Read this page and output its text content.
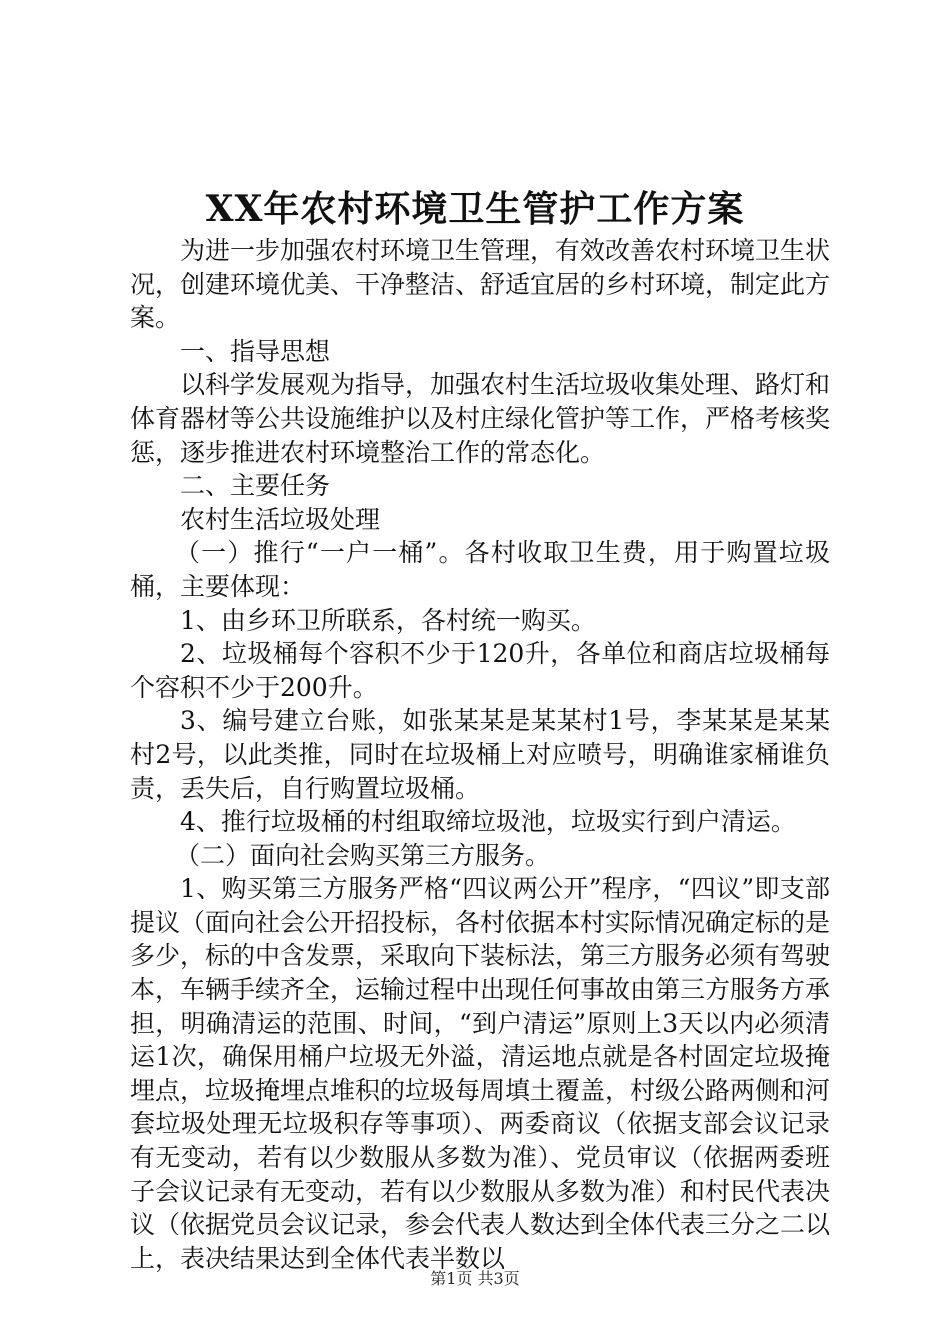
XX年农村环境卫生管护工作方案

为进一步加强农村环境卫生管理，有效改善农村环境卫生状况，创建环境优美、干净整洁、舒适宜居的乡村环境，制定此方案。

一、指导思想

以科学发展观为指导，加强农村生活垃圾收集处理、路灯和体育器材等公共设施维护以及村庄绿化管护等工作，严格考核奖惩，逐步推进农村环境整治工作的常态化。

二、主要任务

农村生活垃圾处理

（一）推行“一户一桶”。各村收取卫生费，用于购置垃圾桶，主要体现：

1、由乡环卫所联系，各村统一购买。

2、垃圾桶每个容积不少于120升，各单位和商店垃圾桶每个容积不少于200升。

3、编号建立台账，如张某某是某某村1号，李某某是某某村2号，以此类推，同时在垃圾桶上对应喷号，明确谁家桶谁负责，丢失后，自行购置垃圾桶。

4、推行垃圾桶的村组取缔垃圾池，垃圾实行到户清运。

（二）面向社会购买第三方服务。

1、购买第三方服务严格“四议两公开”程序，“四议”即支部提议（面向社会公开招投标，各村依据本村实际情况确定标的是多少，标的中含发票，采取向下装标法，第三方服务必须有驾驶本，车辆手续齐全，运输过程中出现任何事故由第三方服务方承担，明确清运的范围、时间，“到户清运”原则上3天以内必须清运1次，确保用桶户垃圾无外溢，清运地点就是各村固定垃圾掩埋点，垃圾掩埋点堆积的垃圾每周填土覆盖，村级公路两侧和河套垃圾处理无垃圾积存等事项）、两委商议（依据支部会议记录有无变动，若有以少数服从多数为准）、党员审议（依据两委班子会议记录有无变动，若有以少数服从多数为准）和村民代表决议（依据党员会议记录，参会代表人数达到全体代表三分之二以上，表决结果达到全体代表半数以

第1页 共3页
